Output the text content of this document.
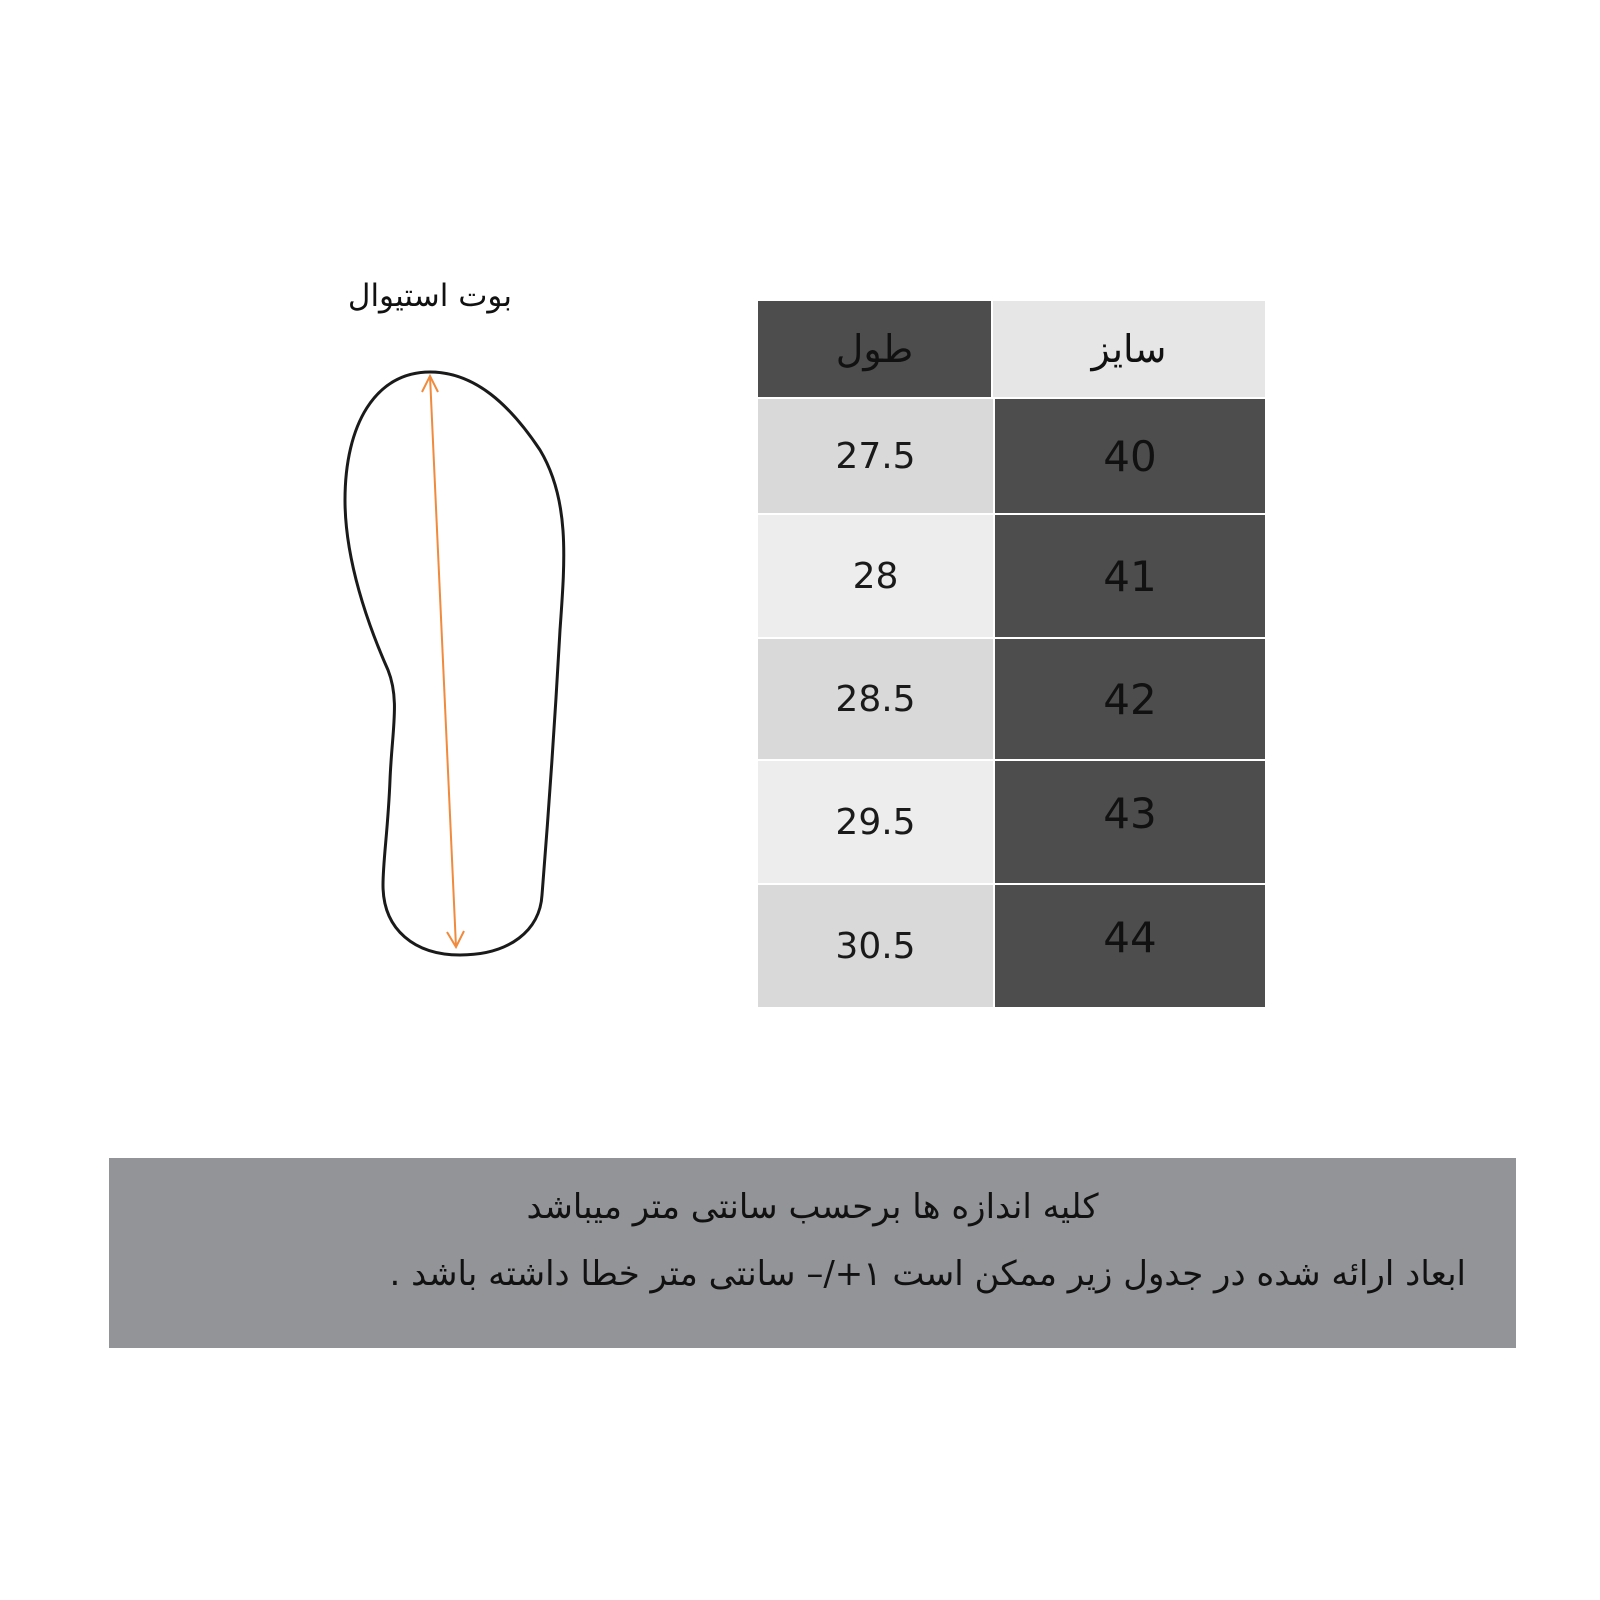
بوت استیوال
طول	سایز
27.5	40
28	41
28.5	42
29.5	43
30.5	44
کلیه اندازه ها برحسب سانتی متر میباشد
ابعاد ارائه شده در جدول زیر ممکن است ۱+/– سانتی متر خطا داشته باشد .
